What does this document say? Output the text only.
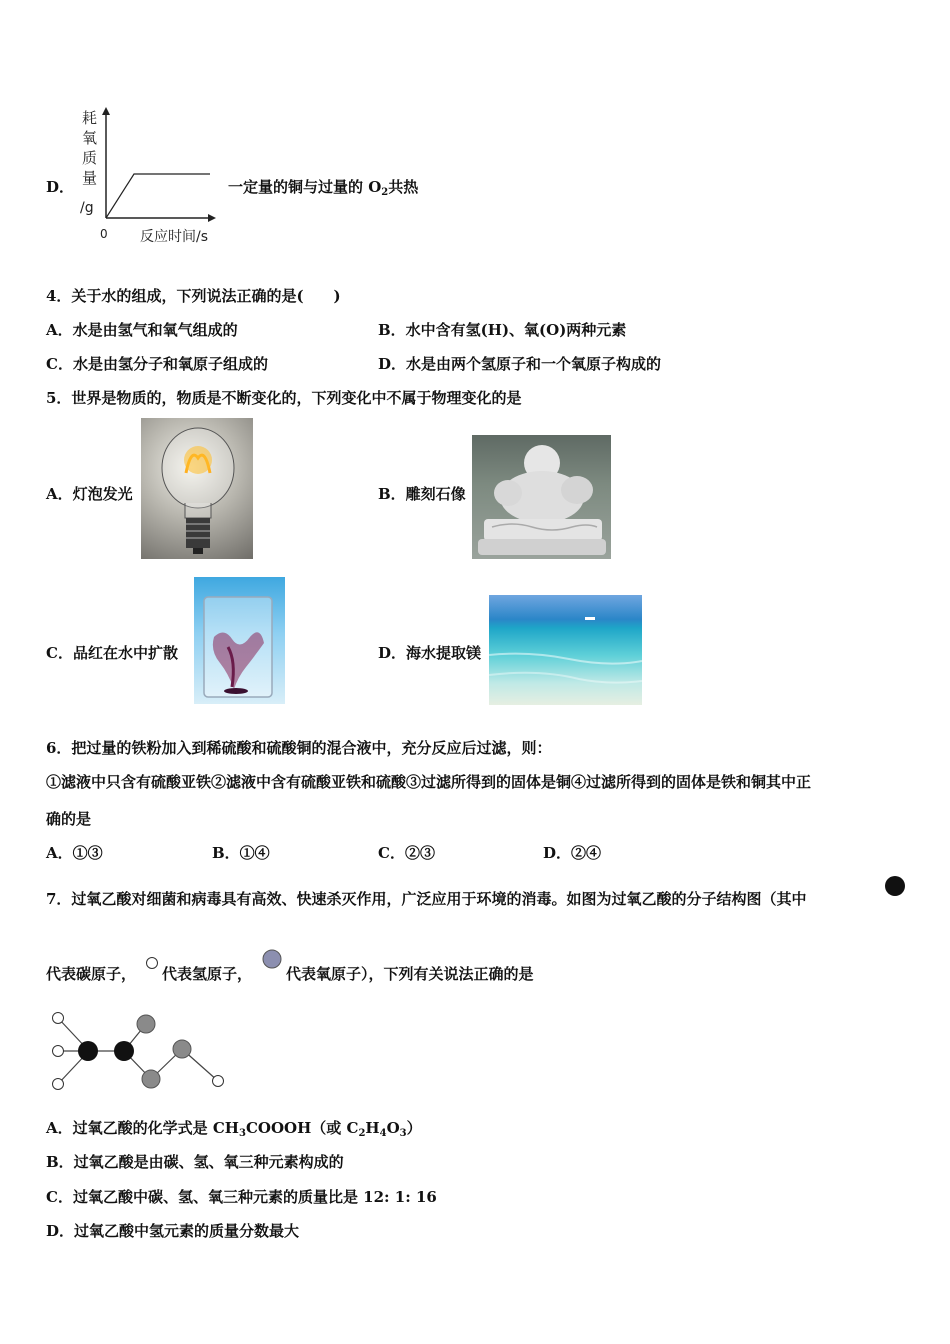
D．
耗
氧
质
量
/g
0 反应时间/s
一定量的铜与过量的 $O_2$共热
4．关于水的组成，下列说法正确的是(　　)
A．水是由氢气和氧气组成的	B．水中含有氢(H)、氧(O)两种元素
C．水是由氢分子和氧原子组成的	D．水是由两个氢原子和一个氧原子构成的
5．世界是物质的，物质是不断变化的，下列变化中不属于物理变化的是
A．灯泡发光	B．雕刻石像
C．品红在水中扩散	D．海水提取镁
6．把过量的铁粉加入到稀硫酸和硫酸铜的混合液中，充分反应后过滤，则：
①滤液中只含有硫酸亚铁②滤液中含有硫酸亚铁和硫酸③过滤所得到的固体是铜④过滤所得到的固体是铁和铜其中正
确的是
A．①③	B．①④	C．②③	D．②④
7．过氧乙酸对细菌和病毒具有高效、快速杀灭作用，广泛应用于环境的消毒。如图为过氧乙酸的分子结构图（其中
代表碳原子， 代表氢原子， 代表氧原子），下列有关说法正确的是
A．过氧乙酸的化学式是 $CH_3COOOH$（或 $C_2H_4O_3$）
B．过氧乙酸是由碳、氢、氧三种元素构成的
C．过氧乙酸中碳、氢、氧三种元素的质量比是 12: 1: 16
D．过氧乙酸中氢元素的质量分数最大
